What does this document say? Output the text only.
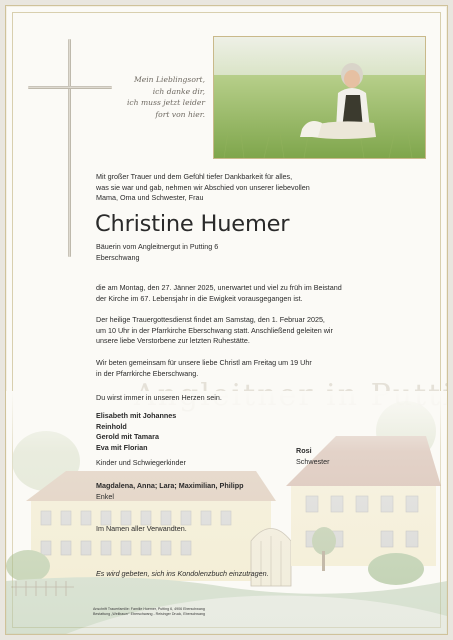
Mein Lieblingsort,
ich danke dir,
ich muss jetzt leider
fort von hier.
Mit großer Trauer und dem Gefühl tiefer Dankbarkeit für alles,
was sie war und gab, nehmen wir Abschied von unserer liebevollen
Mama, Oma und Schwester, Frau
Christine Huemer
Bäuerin vom Angleitnergut in Putting 6
Eberschwang
die am Montag, den 27. Jänner 2025, unerwartet und viel zu früh im Beistand
der Kirche im 67. Lebensjahr in die Ewigkeit vorausgegangen ist.
Der heilige Trauergottesdienst findet am Samstag, den 1. Februar 2025,
um 10 Uhr in der Pfarrkirche Eberschwang statt. Anschließend geleiten wir
unsere liebe Verstorbene zur letzten Ruhestätte.
Wir beten gemeinsam für unsere liebe Christl am Freitag um 19 Uhr
in der Pfarrkirche Eberschwang.
Du wirst immer in unseren Herzen sein.
Elisabeth mit Johannes
Reinhold
Gerold mit Tamara
Eva mit Florian
Kinder und Schwiegerkinder
Rosi
Schwester
Magdalena, Anna; Lara; Maximilian, Philipp
Enkel
Im Namen aller Verwandten.
Es wird gebeten, sich ins Kondolenzbuch einzutragen.
Anschrift Trauerfamilie: Familie Huemer, Putting 6, 4906 Eberschwang
Bestattung „Weilbauer“ Eberschwang - Reisinger Druck, Eberschwang
